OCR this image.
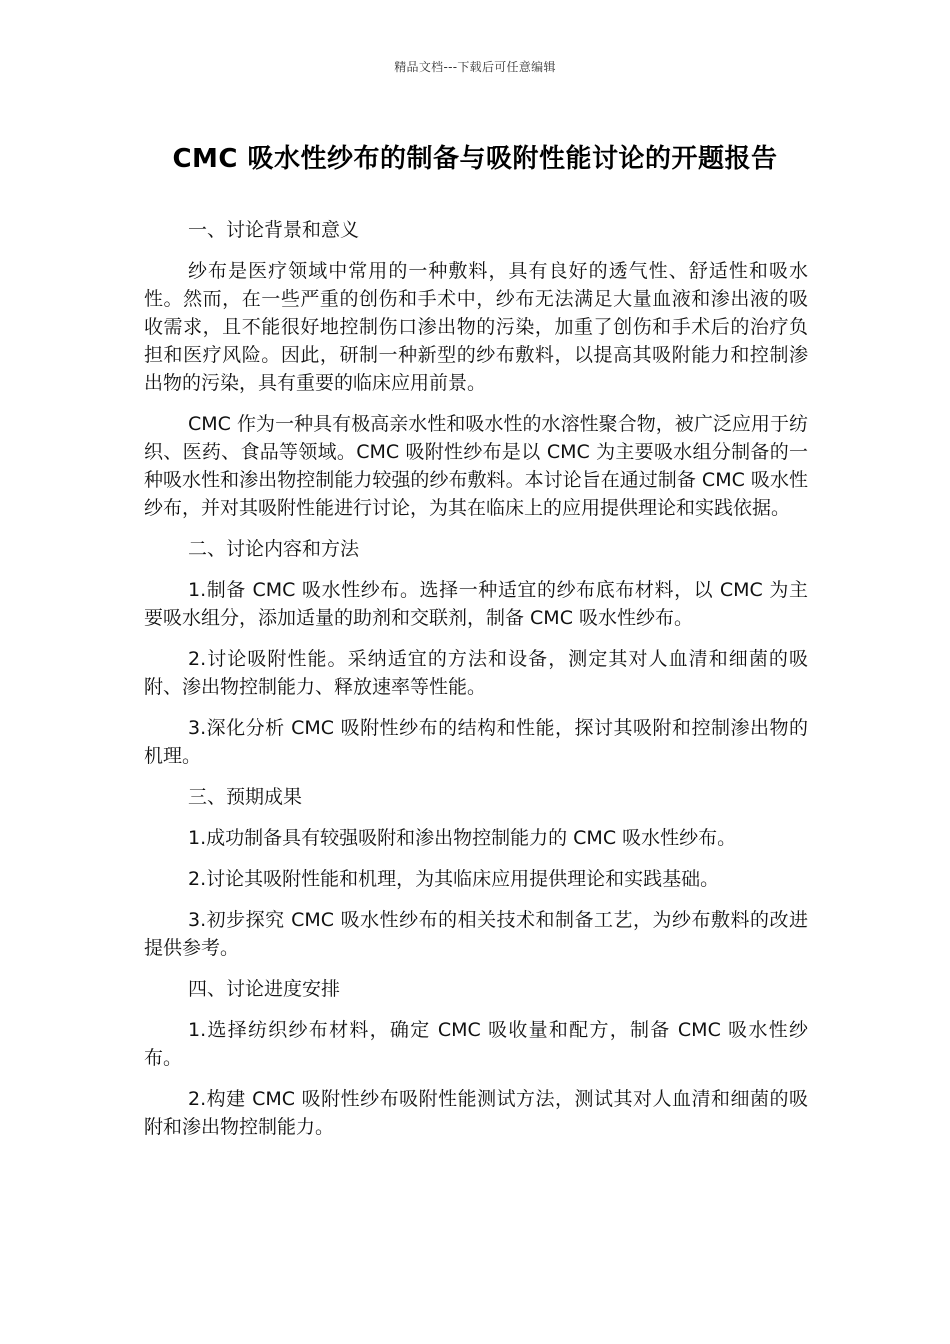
精品文档---下载后可任意编辑
CMC 吸水性纱布的制备与吸附性能讨论的开题报告

一、讨论背景和意义

纱布是医疗领域中常用的一种敷料，具有良好的透气性、舒适性和吸水性。然而，在一些严重的创伤和手术中，纱布无法满足大量血液和渗出液的吸收需求，且不能很好地控制伤口渗出物的污染，加重了创伤和手术后的治疗负担和医疗风险。因此，研制一种新型的纱布敷料，以提高其吸附能力和控制渗出物的污染，具有重要的临床应用前景。

CMC 作为一种具有极高亲水性和吸水性的水溶性聚合物，被广泛应用于纺织、医药、食品等领域。CMC 吸附性纱布是以 CMC 为主要吸水组分制备的一种吸水性和渗出物控制能力较强的纱布敷料。本讨论旨在通过制备 CMC 吸水性纱布，并对其吸附性能进行讨论，为其在临床上的应用提供理论和实践依据。

二、讨论内容和方法

1.制备 CMC 吸水性纱布。选择一种适宜的纱布底布材料，以 CMC 为主要吸水组分，添加适量的助剂和交联剂，制备 CMC 吸水性纱布。

2.讨论吸附性能。采纳适宜的方法和设备，测定其对人血清和细菌的吸附、渗出物控制能力、释放速率等性能。

3.深化分析 CMC 吸附性纱布的结构和性能，探讨其吸附和控制渗出物的机理。

三、预期成果

1.成功制备具有较强吸附和渗出物控制能力的 CMC 吸水性纱布。

2.讨论其吸附性能和机理，为其临床应用提供理论和实践基础。

3.初步探究 CMC 吸水性纱布的相关技术和制备工艺，为纱布敷料的改进提供参考。

四、讨论进度安排

1.选择纺织纱布材料，确定 CMC 吸收量和配方，制备 CMC 吸水性纱布。

2.构建 CMC 吸附性纱布吸附性能测试方法，测试其对人血清和细菌的吸附和渗出物控制能力。
